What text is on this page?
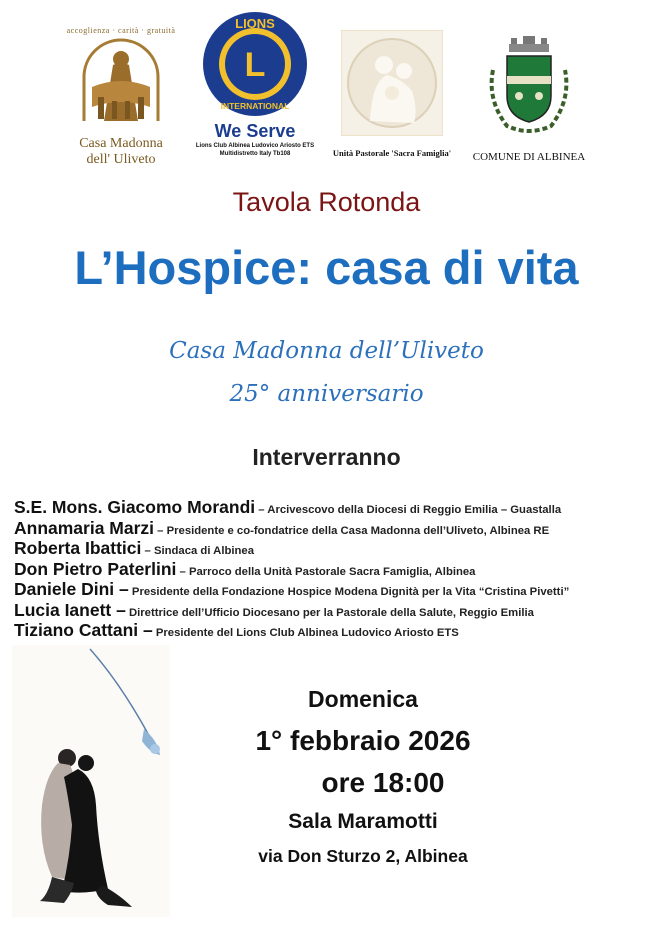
accoglienza · carità · gratuità
Casa Madonna
dell' Uliveto
L
LIONS
INTERNATIONAL
We Serve
Lions Club Albinea Ludovico Ariosto ETS
Multidistretto Italy Tb108	Unità Pastorale 'Sacra Famiglia'	COMUNE DI ALBINEA
Tavola Rotonda
L’Hospice: casa di vita
Casa Madonna dell’Uliveto
25° anniversario
Interverranno
S.E. Mons. Giacomo Morandi – Arcivescovo della Diocesi di Reggio Emilia – Guastalla
Annamaria Marzi – Presidente e co-fondatrice della Casa Madonna dell’Uliveto, Albinea RE
Roberta Ibattici – Sindaca di Albinea
Don Pietro Paterlini – Parroco della Unità Pastorale Sacra Famiglia, Albinea
Daniele Dini – Presidente della Fondazione Hospice Modena Dignità per la Vita “Cristina Pivetti”
Lucia Ianett – Direttrice dell’Ufficio Diocesano per la Pastorale della Salute, Reggio Emilia
Tiziano Cattani – Presidente del Lions Club Albinea Ludovico Ariosto ETS
Domenica
1° febbraio 2026
ore 18:00
Sala Maramotti
via Don Sturzo 2, Albinea
